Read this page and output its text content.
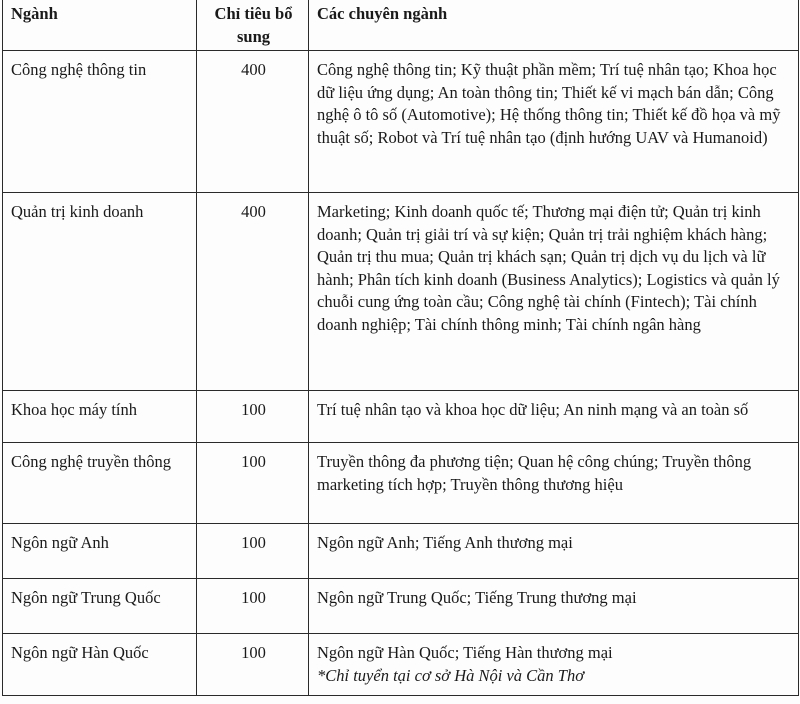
Ngành	Chỉ tiêu bổ sung	Các chuyên ngành
Công nghệ thông tin	400	Công nghệ thông tin; Kỹ thuật phần mềm; Trí tuệ nhân tạo; Khoa học dữ liệu ứng dụng; An toàn thông tin; Thiết kế vi mạch bán dẫn; Công nghệ ô tô số (Automotive); Hệ thống thông tin; Thiết kế đồ họa và mỹ thuật số; Robot và Trí tuệ nhân tạo (định hướng UAV và Humanoid)
Quản trị kinh doanh	400	Marketing; Kinh doanh quốc tế; Thương mại điện tử; Quản trị kinh doanh; Quản trị giải trí và sự kiện; Quản trị trải nghiệm khách hàng; Quản trị thu mua; Quản trị khách sạn; Quản trị dịch vụ du lịch và lữ hành; Phân tích kinh doanh (Business Analytics); Logistics và quản lý chuỗi cung ứng toàn cầu; Công nghệ tài chính (Fintech); Tài chính doanh nghiệp; Tài chính thông minh; Tài chính ngân hàng
Khoa học máy tính	100	Trí tuệ nhân tạo và khoa học dữ liệu; An ninh mạng và an toàn số
Công nghệ truyền thông	100	Truyền thông đa phương tiện; Quan hệ công chúng; Truyền thông marketing tích hợp; Truyền thông thương hiệu
Ngôn ngữ Anh	100	Ngôn ngữ Anh; Tiếng Anh thương mại
Ngôn ngữ Trung Quốc	100	Ngôn ngữ Trung Quốc; Tiếng Trung thương mại
Ngôn ngữ Hàn Quốc	100	Ngôn ngữ Hàn Quốc; Tiếng Hàn thương mại
*Chỉ tuyển tại cơ sở Hà Nội và Cần Thơ
